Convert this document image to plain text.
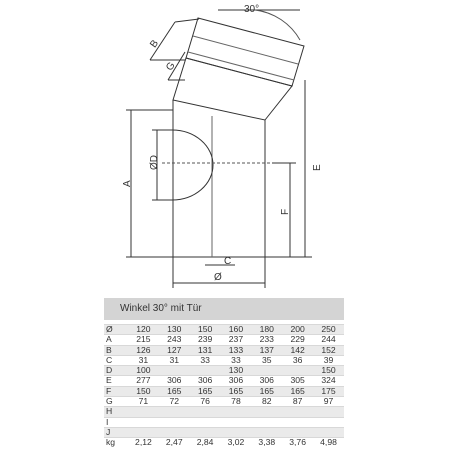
30°
B
G
ØD
A
E
F
C
Ø
Winkel 30° mit Tür
Ø	120	130	150	160	180	200	250
A	215	243	239	237	233	229	244
B	126	127	131	133	137	142	152
C	31	31	33	33	35	36	39
D	100			130			150
E	277	306	306	306	306	305	324
F	150	165	165	165	165	165	175
G	71	72	76	78	82	87	97
H							
I							
J							
kg	2,12	2,47	2,84	3,02	3,38	3,76	4,98
